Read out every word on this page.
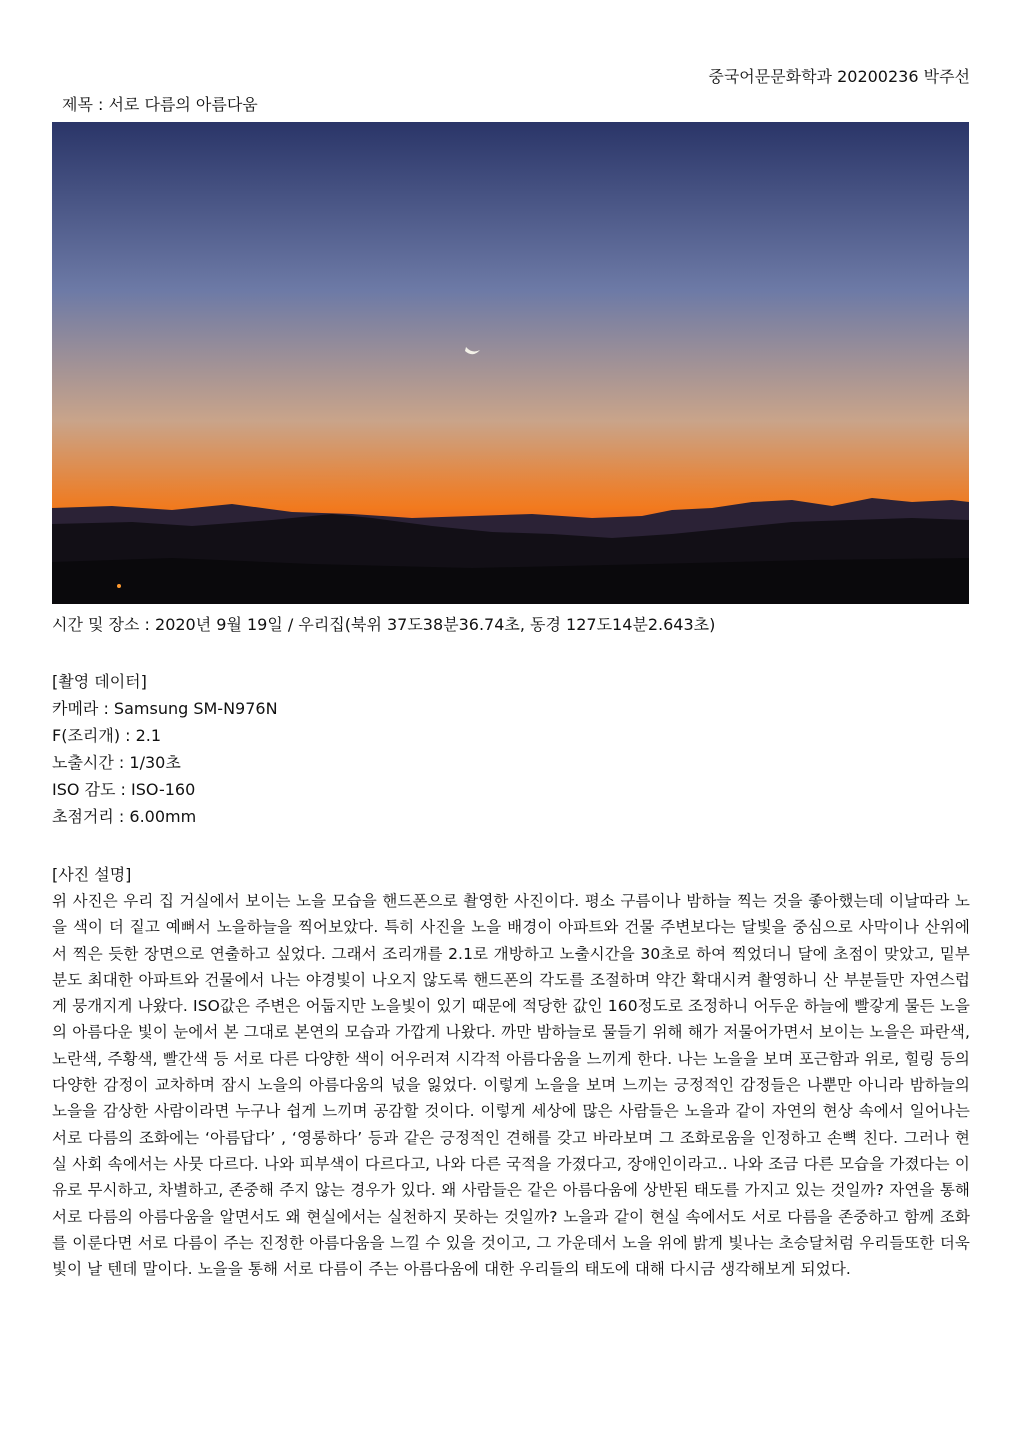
중국어문문화학과 20200236 박주선
제목 : 서로 다름의 아름다움
시간 및 장소 : 2020년 9월 19일 / 우리집(북위 37도38분36.74초, 동경 127도14분2.643초)
[촬영 데이터]
카메라 : Samsung SM-N976N
F(조리개) : 2.1
노출시간 : 1/30초
ISO 감도 : ISO-160
초점거리 : 6.00mm
[사진 설명]
위 사진은 우리 집 거실에서 보이는 노을 모습을 핸드폰으로 촬영한 사진이다. 평소 구름이나 밤하늘 찍는 것을 좋아했는데 이날따라 노을 색이 더 짙고 예뻐서 노을하늘을 찍어보았다. 특히 사진을 노을 배경이 아파트와 건물 주변보다는 달빛을 중심으로 사막이나 산위에서 찍은 듯한 장면으로 연출하고 싶었다. 그래서 조리개를 2.1로 개방하고 노출시간을 30초로 하여 찍었더니 달에 초점이 맞았고, 밑부분도 최대한 아파트와 건물에서 나는 야경빛이 나오지 않도록 핸드폰의 각도를 조절하며 약간 확대시켜 촬영하니 산 부분들만 자연스럽게 뭉개지게 나왔다. ISO값은 주변은 어둡지만 노을빛이 있기 때문에 적당한 값인 160정도로 조정하니 어두운 하늘에 빨갛게 물든 노을의 아름다운 빛이 눈에서 본 그대로 본연의 모습과 가깝게 나왔다. 까만 밤하늘로 물들기 위해 해가 저물어가면서 보이는 노을은 파란색, 노란색, 주황색, 빨간색 등 서로 다른 다양한 색이 어우러져 시각적 아름다움을 느끼게 한다. 나는 노을을 보며 포근함과 위로, 힐링 등의 다양한 감정이 교차하며 잠시 노을의 아름다움의 넋을 잃었다. 이렇게 노을을 보며 느끼는 긍정적인 감정들은 나뿐만 아니라 밤하늘의 노을을 감상한 사람이라면 누구나 쉽게 느끼며 공감할 것이다. 이렇게 세상에 많은 사람들은 노을과 같이 자연의 현상 속에서 일어나는 서로 다름의 조화에는 ‘아름답다’ , ‘영롱하다’ 등과 같은 긍정적인 견해를 갖고 바라보며 그 조화로움을 인정하고 손뼉 친다. 그러나 현실 사회 속에서는 사뭇 다르다. 나와 피부색이 다르다고, 나와 다른 국적을 가졌다고, 장애인이라고.. 나와 조금 다른 모습을 가졌다는 이유로 무시하고, 차별하고, 존중해 주지 않는 경우가 있다. 왜 사람들은 같은 아름다움에 상반된 태도를 가지고 있는 것일까? 자연을 통해 서로 다름의 아름다움을 알면서도 왜 현실에서는 실천하지 못하는 것일까? 노을과 같이 현실 속에서도 서로 다름을 존중하고 함께 조화를 이룬다면 서로 다름이 주는 진정한 아름다움을 느낄 수 있을 것이고, 그 가운데서 노을 위에 밝게 빛나는 초승달처럼 우리들또한 더욱 빛이 날 텐데 말이다. 노을을 통해 서로 다름이 주는 아름다움에 대한 우리들의 태도에 대해 다시금 생각해보게 되었다.
